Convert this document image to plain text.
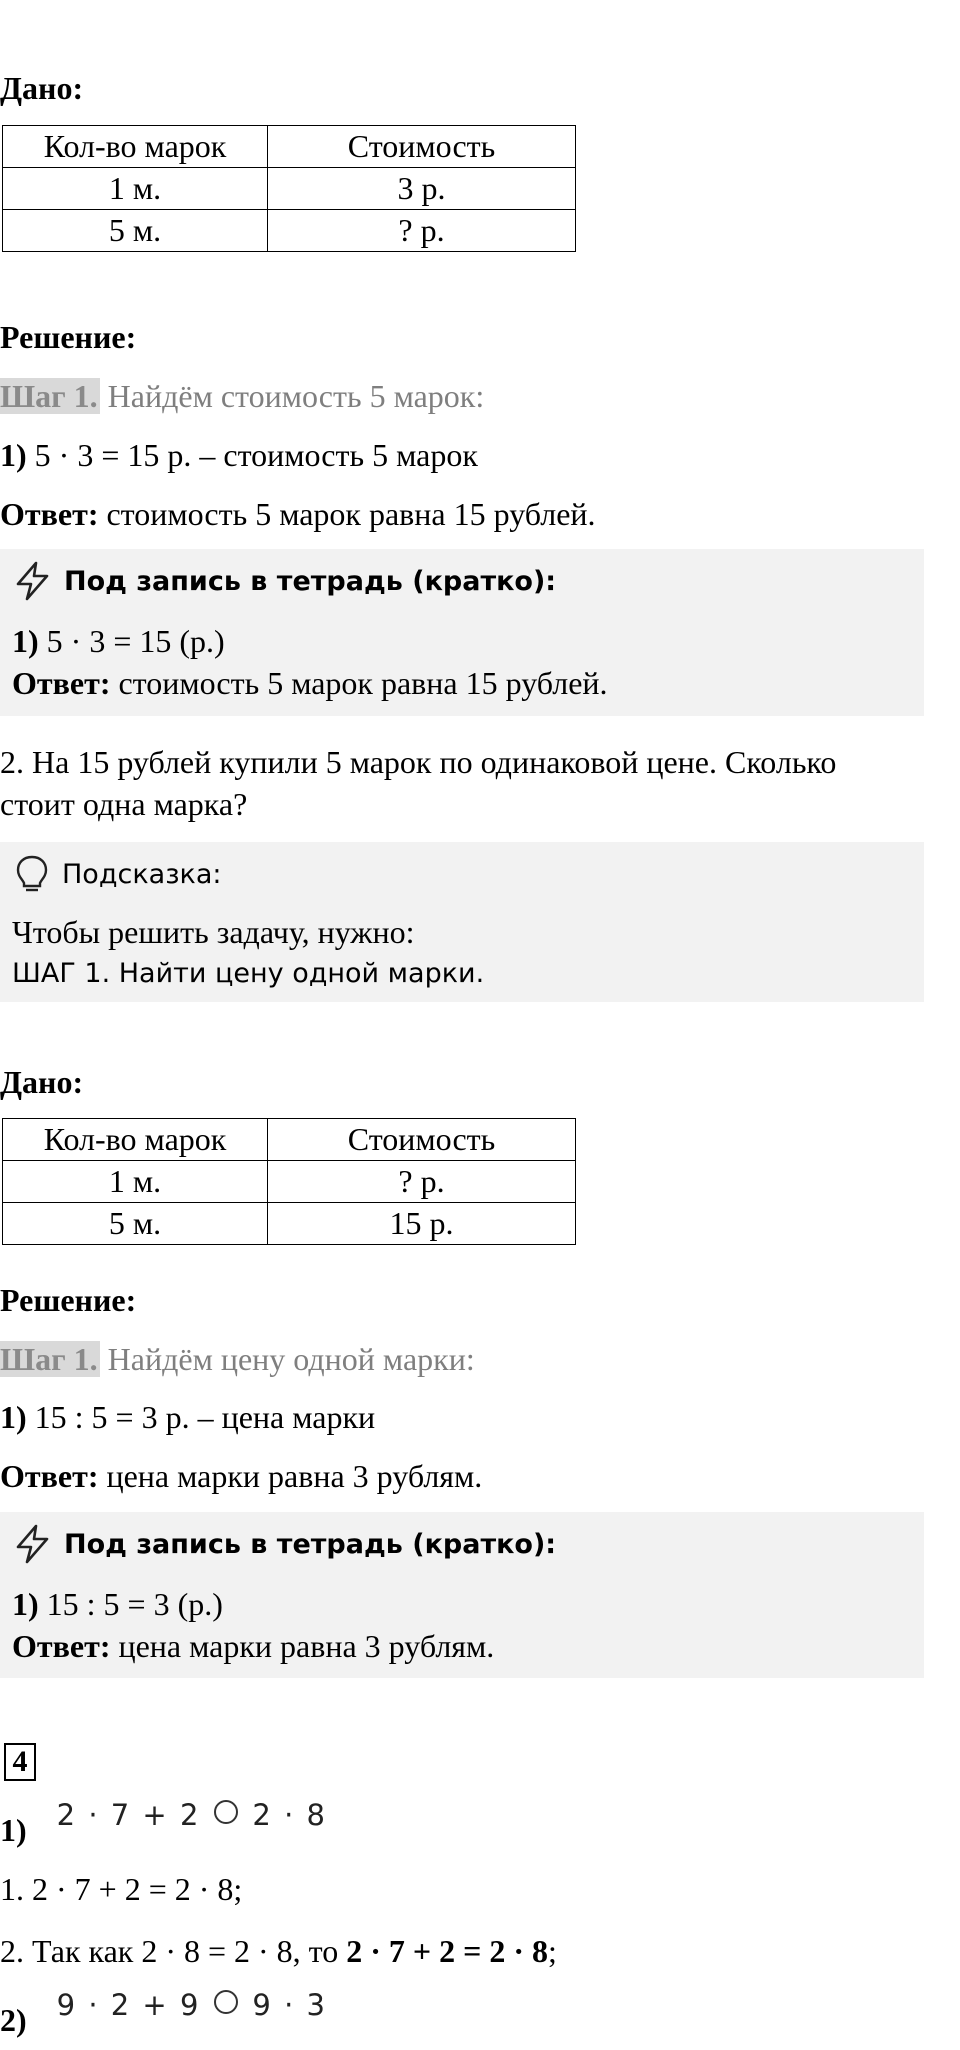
Дано:
Кол-во марок	Стоимость
1 м.	3 р.
5 м.	? р.
Решение:
Шаг 1. Найдём стоимость 5 марок:
1) 5 · 3 = 15 р. – стоимость 5 марок
Ответ: стоимость 5 марок равна 15 рублей.
Под запись в тетрадь (кратко):
1) 5 · 3 = 15 (р.)
Ответ: стоимость 5 марок равна 15 рублей.
2. На 15 рублей купили 5 марок по одинаковой цене. Сколько
стоит одна марка?
Подсказка:
Чтобы решить задачу, нужно:
ШАГ 1. Найти цену одной марки.
Дано:
Кол-во марок	Стоимость
1 м.	? р.
5 м.	15 р.
Решение:
Шаг 1. Найдём цену одной марки:
1) 15 : 5 = 3 р. – цена марки
Ответ: цена марки равна 3 рублям.
Под запись в тетрадь (кратко):
1) 15 : 5 = 3 (р.)
Ответ: цена марки равна 3 рублям.
4
1) 2 · 7 + 2 2 · 8
1. 2 · 7 + 2 = 2 · 8;
2. Так как 2 · 8 = 2 · 8, то 2 · 7 + 2 = 2 · 8;
2) 9 · 2 + 9 9 · 3
